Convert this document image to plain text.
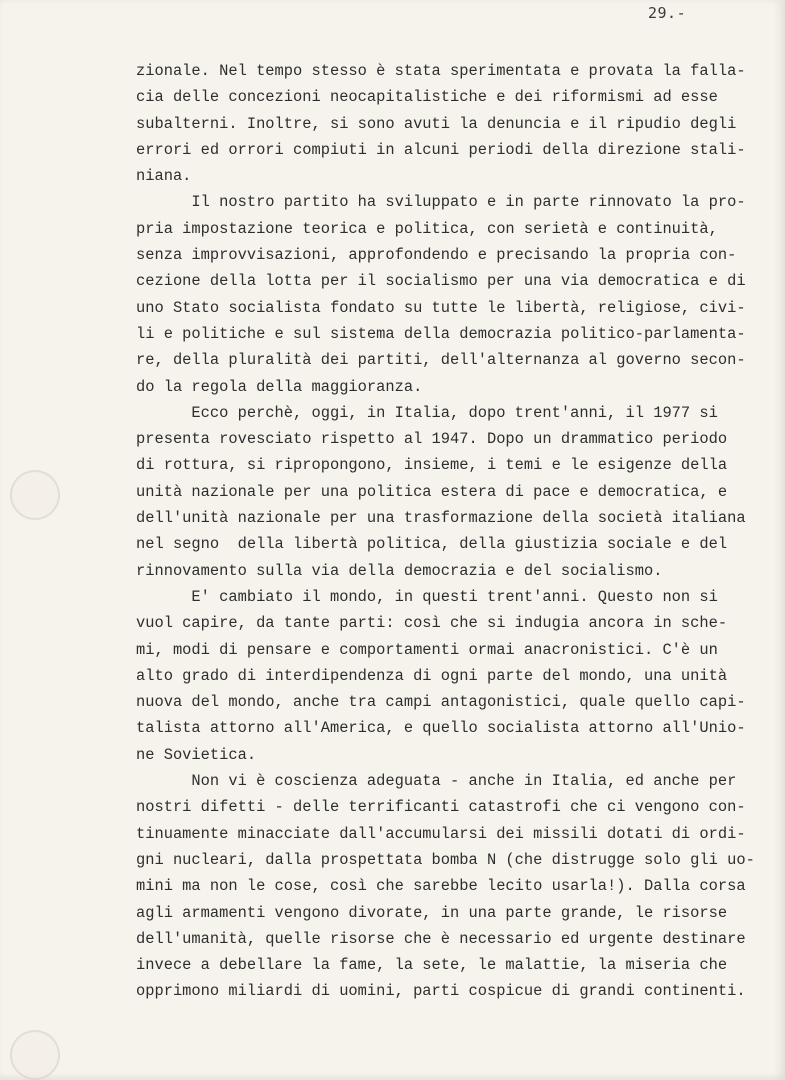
29.-
zionale. Nel tempo stesso è stata sperimentata e provata la falla-
cia delle concezioni neocapitalistiche e dei riformismi ad esse
subalterni. Inoltre, si sono avuti la denuncia e il ripudio degli
errori ed orrori compiuti in alcuni periodi della direzione stali-
niana.
Il nostro partito ha sviluppato e in parte rinnovato la pro-
pria impostazione teorica e politica, con serietà e continuità,
senza improvvisazioni, approfondendo e precisando la propria con-
cezione della lotta per il socialismo per una via democratica e di
uno Stato socialista fondato su tutte le libertà, religiose, civi-
li e politiche e sul sistema della democrazia politico-parlamenta-
re, della pluralità dei partiti, dell'alternanza al governo secon-
do la regola della maggioranza.
Ecco perchè, oggi, in Italia, dopo trent'anni, il 1977 si
presenta rovesciato rispetto al 1947. Dopo un drammatico periodo
di rottura, si ripropongono, insieme, i temi e le esigenze della
unità nazionale per una politica estera di pace e democratica, e
dell'unità nazionale per una trasformazione della società italiana
nel segno  della libertà politica, della giustizia sociale e del
rinnovamento sulla via della democrazia e del socialismo.
E' cambiato il mondo, in questi trent'anni. Questo non si
vuol capire, da tante parti: così che si indugia ancora in sche-
mi, modi di pensare e comportamenti ormai anacronistici. C'è un
alto grado di interdipendenza di ogni parte del mondo, una unità
nuova del mondo, anche tra campi antagonistici, quale quello capi-
talista attorno all'America, e quello socialista attorno all'Unio-
ne Sovietica.
Non vi è coscienza adeguata - anche in Italia, ed anche per
nostri difetti - delle terrificanti catastrofi che ci vengono con-
tinuamente minacciate dall'accumularsi dei missili dotati di ordi-
gni nucleari, dalla prospettata bomba N (che distrugge solo gli uo-
mini ma non le cose, così che sarebbe lecito usarla!). Dalla corsa
agli armamenti vengono divorate, in una parte grande, le risorse
dell'umanità, quelle risorse che è necessario ed urgente destinare
invece a debellare la fame, la sete, le malattie, la miseria che
opprimono miliardi di uomini, parti cospicue di grandi continenti.
